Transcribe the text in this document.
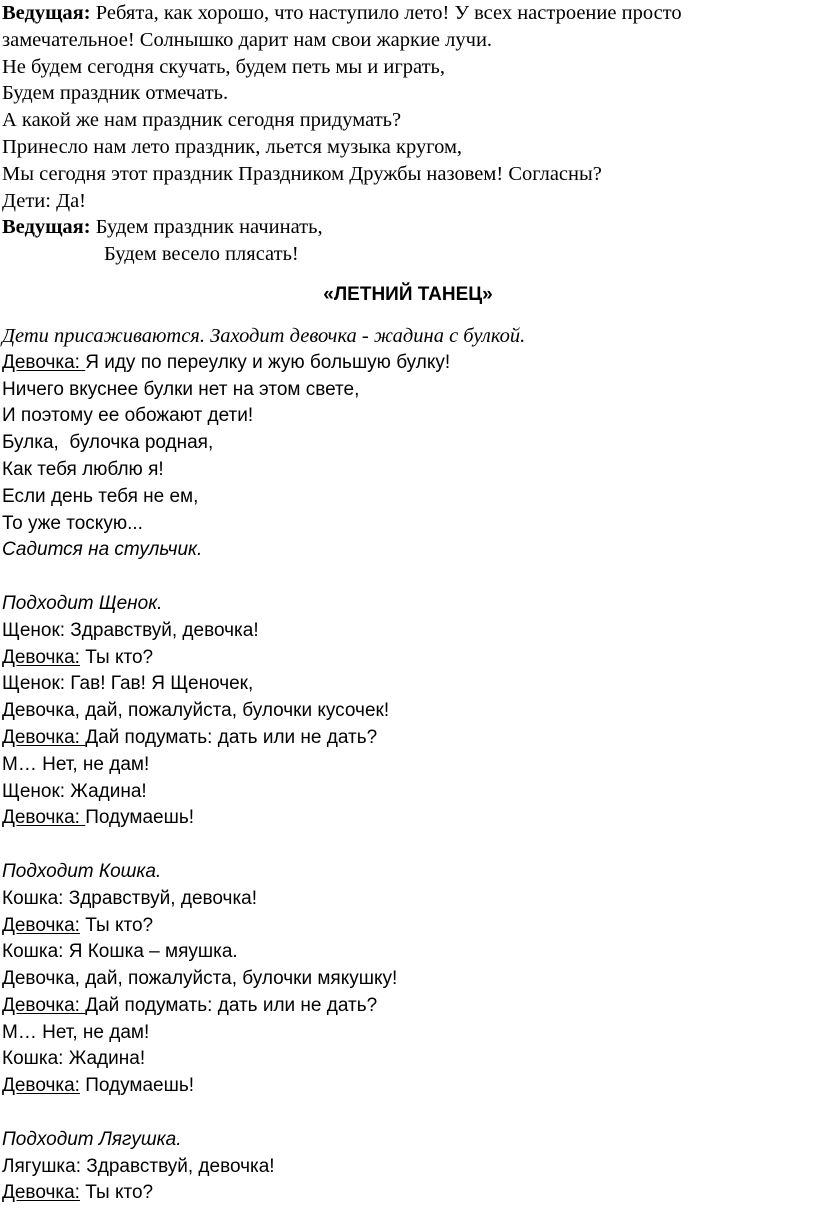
Ведущая: Ребята, как хорошо, что наступило лето! У всех настроение просто
замечательное! Солнышко дарит нам свои жаркие лучи.
Не будем сегодня скучать, будем петь мы и играть,
Будем праздник отмечать.
А какой же нам праздник сегодня придумать?
Принесло нам лето праздник, льется музыка кругом,
Мы сегодня этот праздник Праздником Дружбы назовем! Согласны?
Дети: Да!
Ведущая: Будем праздник начинать,
Будем весело плясать!
«ЛЕТНИЙ ТАНЕЦ»
Дети присаживаются. Заходит девочка - жадина с булкой.
Девочка: Я иду по переулку и жую большую булку!
Ничего вкуснее булки нет на этом свете,
И поэтому ее обожают дети!
Булка,  булочка родная,
Как тебя люблю я!
Если день тебя не ем,
То уже тоскую...
Садится на стульчик.
Подходит Щенок.
Щенок: Здравствуй, девочка!
Девочка: Ты кто?
Щенок: Гав! Гав! Я Щеночек,
Девочка, дай, пожалуйста, булочки кусочек!
Девочка: Дай подумать: дать или не дать?
М… Нет, не дам!
Щенок: Жадина!
Девочка: Подумаешь!
Подходит Кошка.
Кошка: Здравствуй, девочка!
Девочка: Ты кто?
Кошка: Я Кошка – мяушка.
Девочка, дай, пожалуйста, булочки мякушку!
Девочка: Дай подумать: дать или не дать?
М… Нет, не дам!
Кошка: Жадина!
Девочка: Подумаешь!
Подходит Лягушка.
Лягушка: Здравствуй, девочка!
Девочка: Ты кто?
